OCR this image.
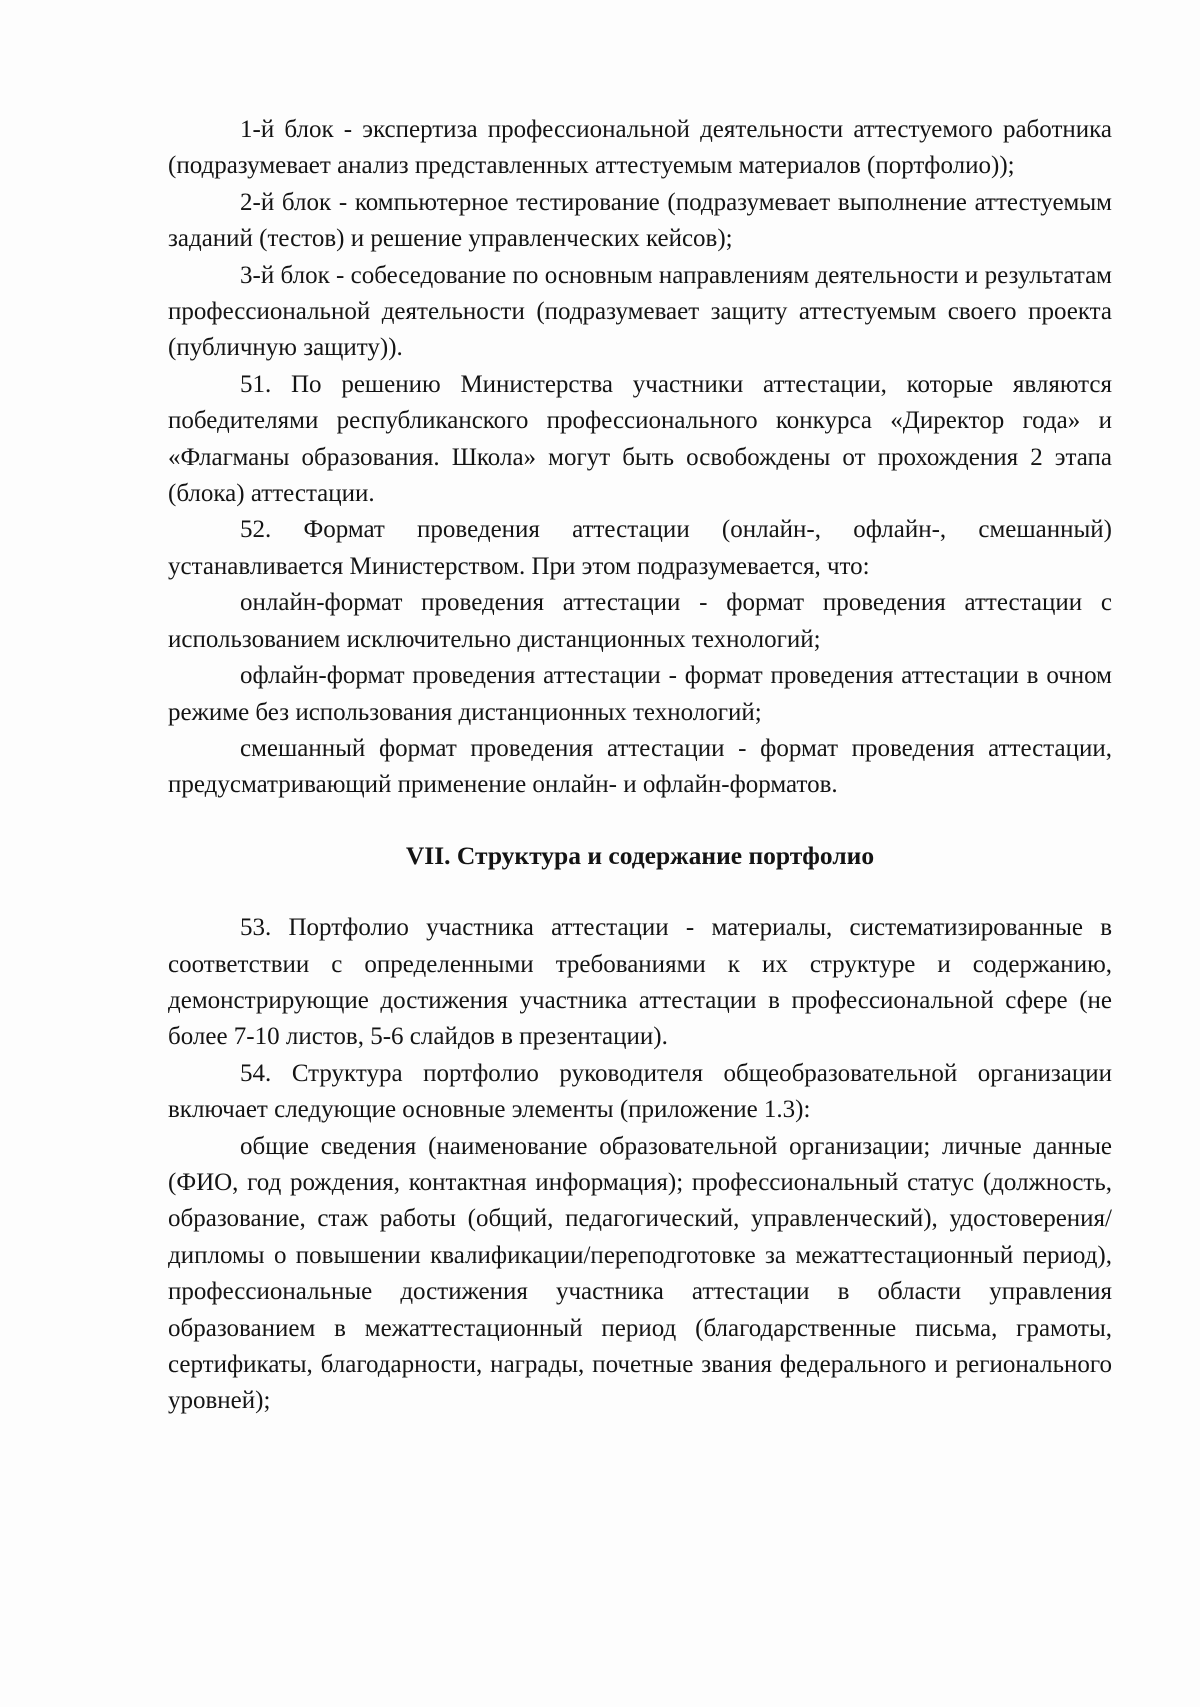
1-й блок - экспертиза профессиональной деятельности аттестуемого работника (подразумевает анализ представленных аттестуемым материалов (портфолио));

2-й блок - компьютерное тестирование (подразумевает выполнение аттестуемым заданий (тестов) и решение управленческих кейсов);

3-й блок - собеседование по основным направлениям деятельности и результатам профессиональной деятельности (подразумевает защиту аттестуемым своего проекта (публичную защиту)).

51. По решению Министерства участники аттестации, которые являются победителями республиканского профессионального конкурса «Директор года» и «Флагманы образования. Школа» могут быть освобождены от прохождения 2 этапа (блока) аттестации.

52. Формат проведения аттестации (онлайн-, офлайн-, смешанный) устанавливается Министерством. При этом подразумевается, что:

онлайн-формат проведения аттестации - формат проведения аттестации с использованием исключительно дистанционных технологий;

офлайн-формат проведения аттестации - формат проведения аттестации в очном режиме без использования дистанционных технологий;

смешанный формат проведения аттестации - формат проведения аттестации, предусматривающий применение онлайн- и офлайн-форматов.

VII. Структура и содержание портфолио

53. Портфолио участника аттестации - материалы, систематизированные в соответствии с определенными требованиями к их структуре и содержанию, демонстрирующие достижения участника аттестации в профессиональной сфере (не более 7-10 листов, 5-6 слайдов в презентации).

54. Структура портфолио руководителя общеобразовательной организации включает следующие основные элементы (приложение 1.3):

общие сведения (наименование образовательной организации; личные данные (ФИО, год рождения, контактная информация); профессиональный статус (должность, образование, стаж работы (общий, педагогический, управленческий), удостоверения/дипломы о повышении квалификации/переподготовке за межаттестационный период), профессиональные достижения участника аттестации в области управления образованием в межаттестационный период (благодарственные письма, грамоты, сертификаты, благодарности, награды, почетные звания федерального и регионального уровней);
